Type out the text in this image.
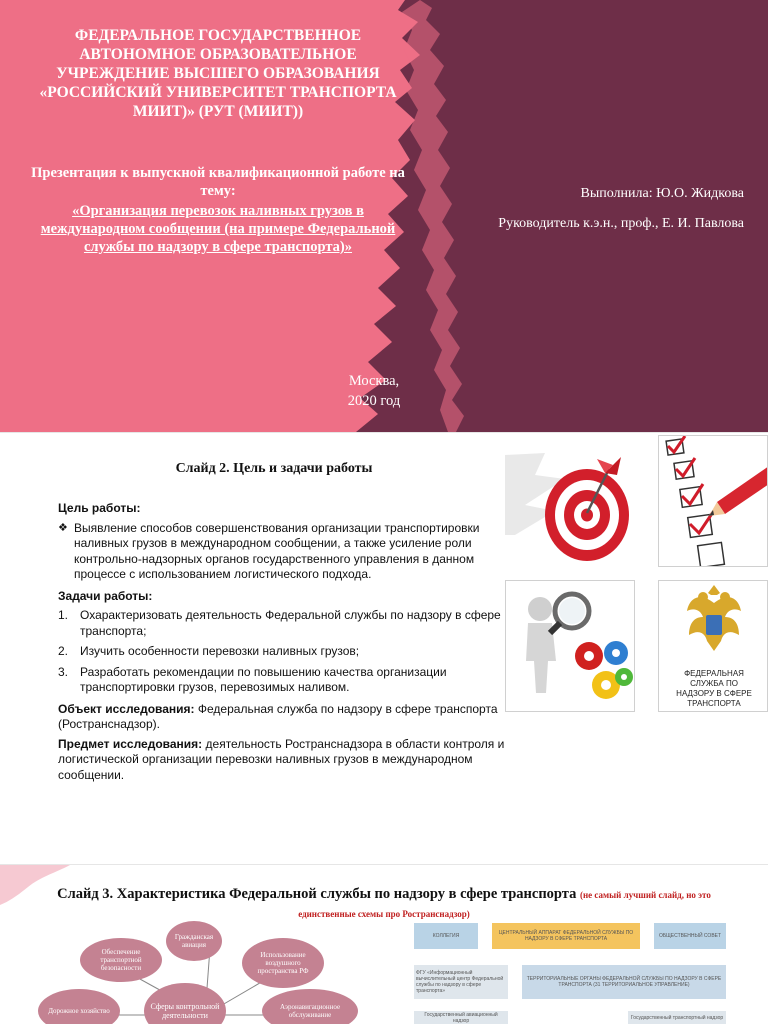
ФЕДЕРАЛЬНОЕ ГОСУДАРСТВЕННОЕ АВТОНОМНОЕ ОБРАЗОВАТЕЛЬНОЕ УЧРЕЖДЕНИЕ ВЫСШЕГО ОБРАЗОВАНИЯ «РОССИЙСКИЙ УНИВЕРСИТЕТ ТРАНСПОРТА МИИТ)» (РУТ (МИИТ))
Презентация к выпускной квалификационной работе на тему:
«Организация перевозок наливных грузов в международном сообщении (на примере Федеральной службы по надзору в сфере транспорта)»
Москва,
2020 год
Выполнила: Ю.О. Жидкова
Руководитель к.э.н., проф., Е. И. Павлова
Слайд 2. Цель и задачи работы
Цель работы:
❖ Выявление способов совершенствования организации транспортировки наливных грузов в международном сообщении, а также усиление роли контрольно-надзорных органов государственного управления в данном процессе с использованием логистического подхода.
Задачи работы:
1. Охарактеризовать деятельность Федеральной службы по надзору в сфере транспорта;
2. Изучить особенности перевозки наливных грузов;
3. Разработать рекомендации по повышению качества организации транспортировки грузов, перевозимых наливом.

Объект исследования: Федеральная служба по надзору в сфере транспорта (Ространснадзор).

Предмет исследования: деятельность Ространснадзора в области контроля и логистической организации перевозки наливных грузов в международном сообщении.

ФЕДЕРАЛЬНАЯ СЛУЖБА ПО НАДЗОРУ В СФЕРЕ ТРАНСПОРТА
Слайд 3. Характеристика Федеральной службы по надзору в сфере транспорта (не самый лучший слайд, но это единственные схемы про Ространснадзор)
Гражданская авиация
Обеспечение транспортной безопасности
Использование воздушного пространства РФ
Дорожное хозяйство	Сферы контрольной деятельности
Аэронавигационное обслуживание
КОЛЛЕГИЯ	ЦЕНТРАЛЬНЫЙ АППАРАТ ФЕДЕРАЛЬНОЙ СЛУЖБЫ ПО НАДЗОРУ В СФЕРЕ ТРАНСПОРТА	ОБЩЕСТВЕННЫЙ СОВЕТ
ФГУ «Информационный вычислительный центр Федеральной службы по надзору в сфере транспорта»
ТЕРРИТОРИАЛЬНЫЕ ОРГАНЫ ФЕДЕРАЛЬНОЙ СЛУЖБЫ ПО НАДЗОРУ В СФЕРЕ ТРАНСПОРТА (31 ТЕРРИТОРИАЛЬНОЕ УПРАВЛЕНИЕ)
Государственный авиационный надзор	Государственный транспортный надзор
